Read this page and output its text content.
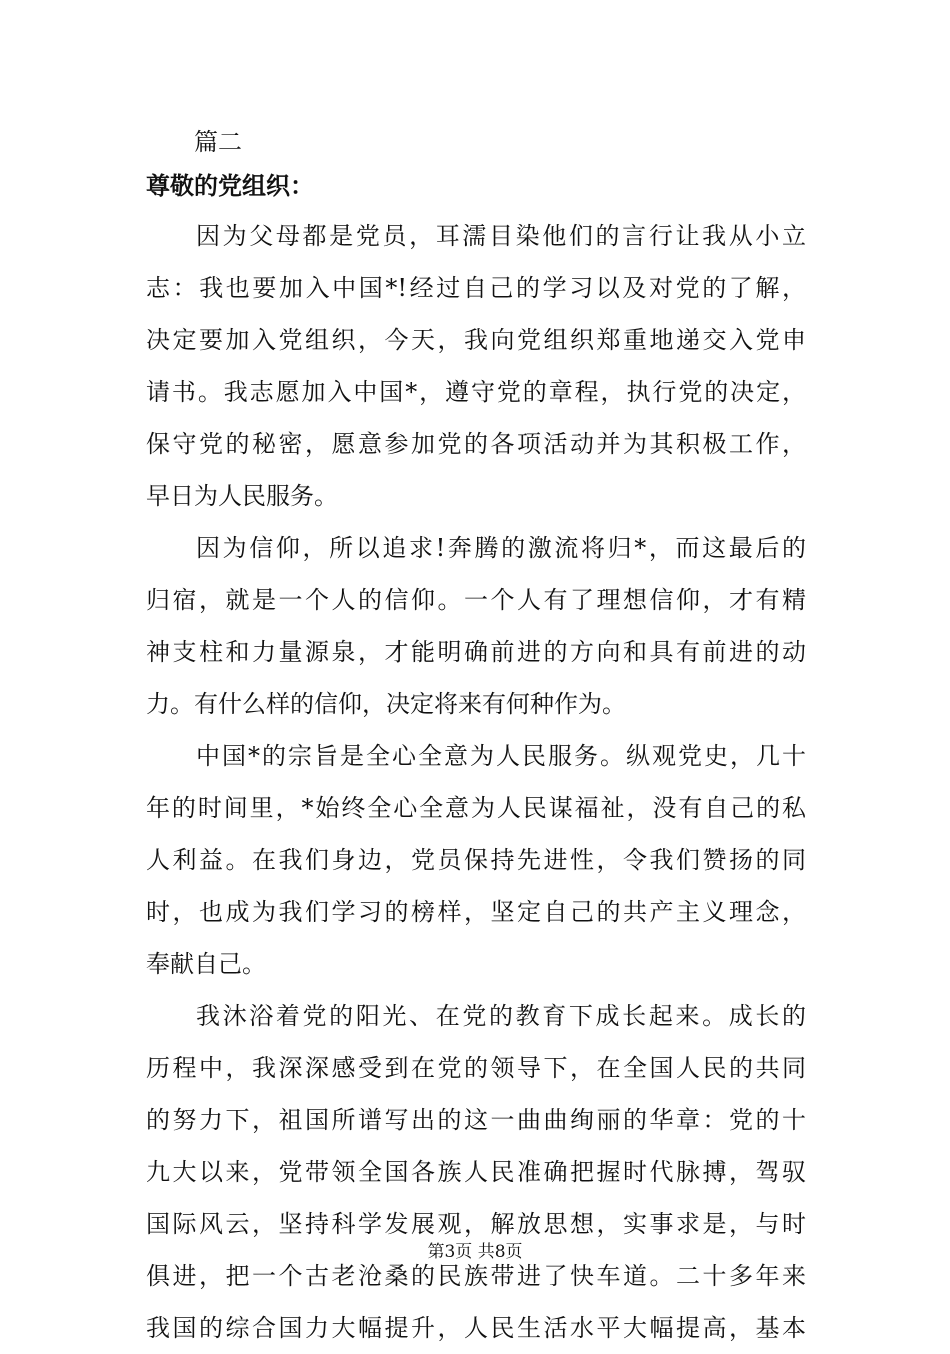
篇二
尊敬的党组织：
因为父母都是党员，耳濡目染他们的言行让我从小立
志：我也要加入中国*!经过自己的学习以及对党的了解，
决定要加入党组织，今天，我向党组织郑重地递交入党申
请书。我志愿加入中国*，遵守党的章程，执行党的决定，
保守党的秘密，愿意参加党的各项活动并为其积极工作，
早日为人民服务。
因为信仰，所以追求!奔腾的激流将归*，而这最后的
归宿，就是一个人的信仰。一个人有了理想信仰，才有精
神支柱和力量源泉，才能明确前进的方向和具有前进的动
力。有什么样的信仰，决定将来有何种作为。
中国*的宗旨是全心全意为人民服务。纵观党史，几十
年的时间里，*始终全心全意为人民谋福祉，没有自己的私
人利益。在我们身边，党员保持先进性，令我们赞扬的同
时，也成为我们学习的榜样，坚定自己的共产主义理念，
奉献自己。
我沐浴着党的阳光、在党的教育下成长起来。成长的
历程中，我深深感受到在党的领导下，在全国人民的共同
的努力下，祖国所谱写出的这一曲曲绚丽的华章：党的十
九大以来，党带领全国各族人民准确把握时代脉搏，驾驭
国际风云，坚持科学发展观，解放思想，实事求是，与时
俱进，把一个古老沧桑的民族带进了快车道。二十多年来
我国的综合国力大幅提升，人民生活水平大幅提高，基本
第3页 共8页
